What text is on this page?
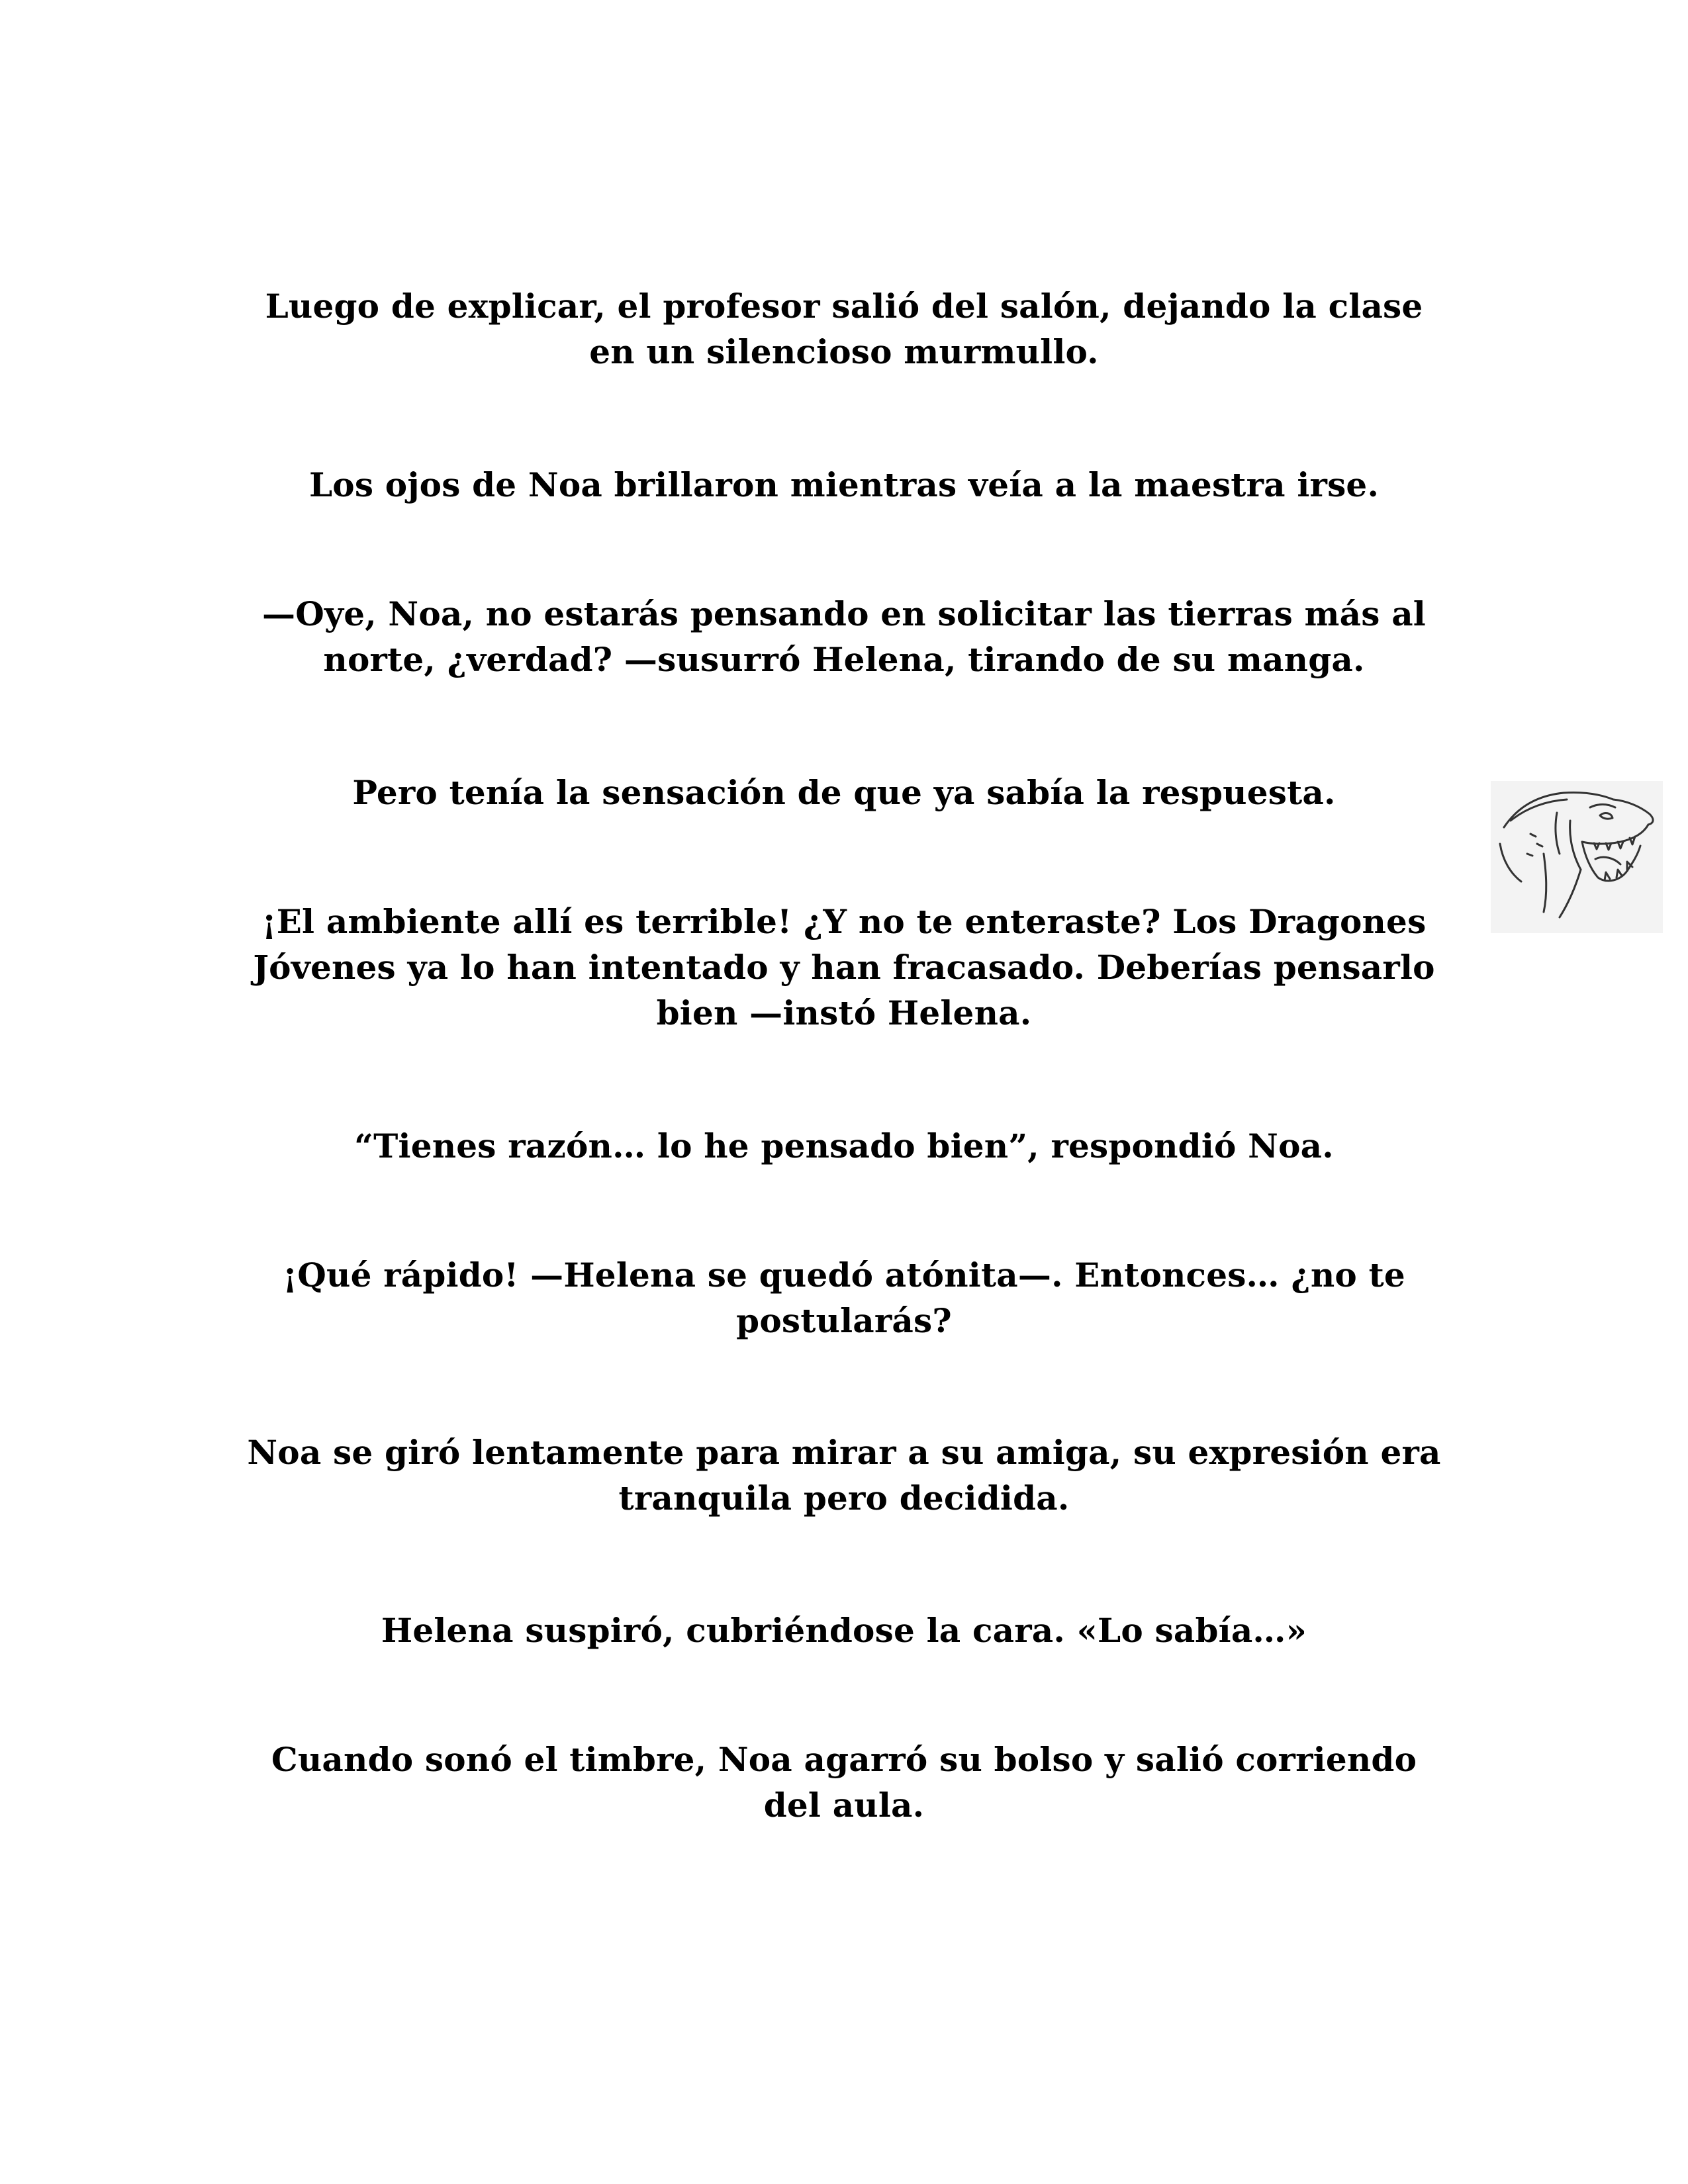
Luego de explicar, el profesor salió del salón, dejando la clase en un silencioso murmullo.

Los ojos de Noa brillaron mientras veía a la maestra irse.

—Oye, Noa, no estarás pensando en solicitar las tierras más al norte, ¿verdad? —susurró Helena, tirando de su manga.

Pero tenía la sensación de que ya sabía la respuesta.

¡El ambiente allí es terrible! ¿Y no te enteraste? Los Dragones Jóvenes ya lo han intentado y han fracasado. Deberías pensarlo bien —instó Helena.

“Tienes razón… lo he pensado bien”, respondió Noa.

¡Qué rápido! —Helena se quedó atónita—. Entonces… ¿no te postularás?

Noa se giró lentamente para mirar a su amiga, su expresión era tranquila pero decidida.

Helena suspiró, cubriéndose la cara. «Lo sabía…»

Cuando sonó el timbre, Noa agarró su bolso y salió corriendo del aula.
